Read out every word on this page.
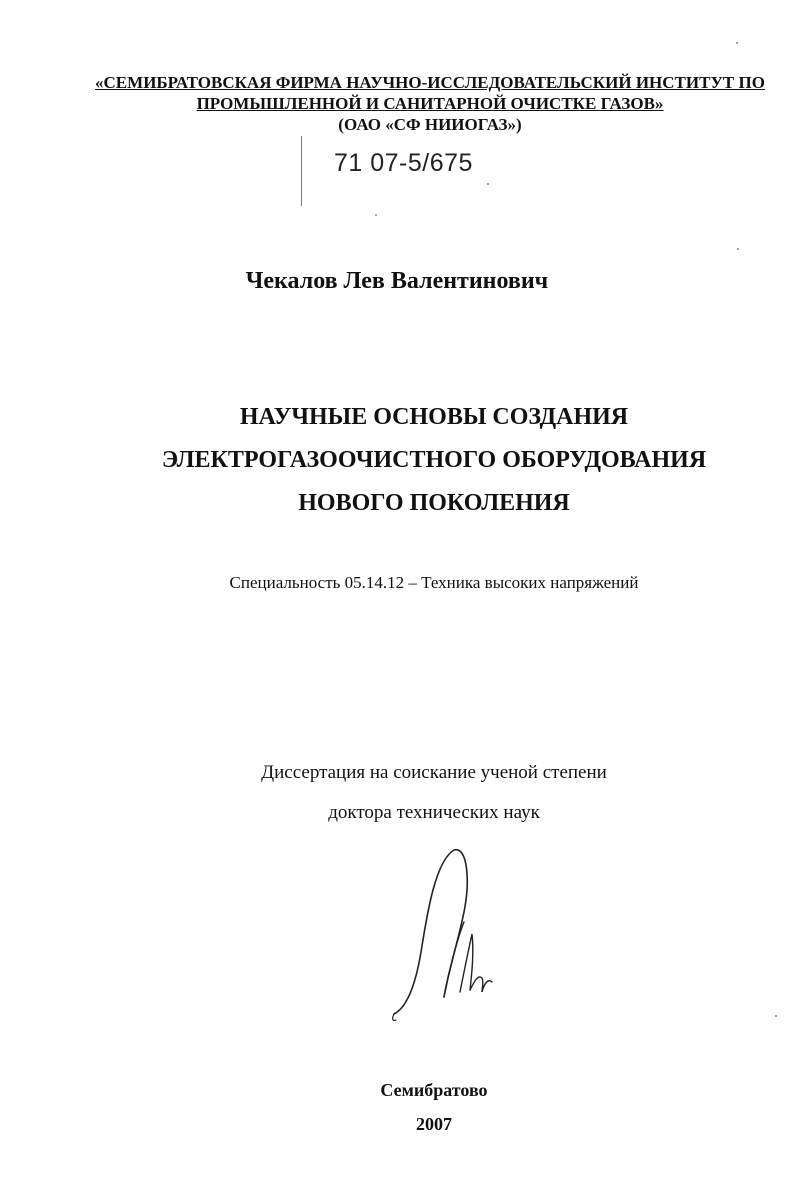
«СЕМИБРАТОВСКАЯ ФИРМА НАУЧНО-ИССЛЕДОВАТЕЛЬСКИЙ ИНСТИТУТ ПО
ПРОМЫШЛЕННОЙ И САНИТАРНОЙ ОЧИСТКЕ ГАЗОВ»
(ОАО «СФ НИИОГАЗ»)
71 07-5/675
Чекалов Лев Валентинович
НАУЧНЫЕ ОСНОВЫ СОЗДАНИЯ
ЭЛЕКТРОГАЗООЧИСТНОГО ОБОРУДОВАНИЯ
НОВОГО ПОКОЛЕНИЯ
Специальность 05.14.12 – Техника высоких напряжений
Диссертация на соискание ученой степени
доктора технических наук
Семибратово
2007
